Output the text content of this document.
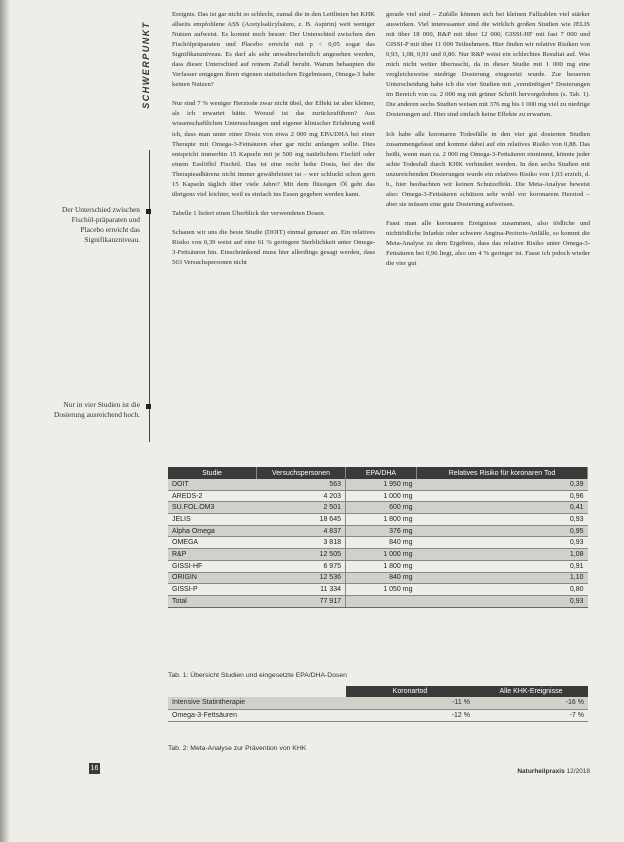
SCHWERPUNKT
Der Unterschied zwischen Fischöl-präparaten und Placebo erreicht das Signifikanzniveau.
Nur in vier Studien ist die Dosierung ausreichend hoch.

Ereignis. Das ist gar nicht so schlecht, zumal die in den Leitlinien bei KHK allseits empfohlene ASS (Acetylsalicylsäure, z. B. Aspirin) weit weniger Nutzen aufweist. Es kommt noch besser: Der Unterschied zwischen den Fischölpräparaten und Placebo erreicht mit p < 0,05 sogar das Signifikanzniveau. Es darf als sehr unwahrscheinlich angesehen werden, dass dieser Unterschied auf reinem Zufall beruht. Warum behaupten die Verfasser entgegen ihren eigenen statistischen Ergebnissen, Omega-3 habe keinen Nutzen?

Nur sind 7 % weniger Herztode zwar nicht übel, der Effekt ist aber kleiner, als ich erwartet hätte. Worauf ist das zurückzuführen? Aus wissenschaftlichen Untersuchungen und eigener klinischer Erfahrung weiß ich, dass man unter einer Dosis von etwa 2 000 mg EPA/DHA bei einer Therapie mit Omega-3-Fettsäuren eher gar nicht anfangen sollte. Dies entspricht immerhin 15 Kapseln mit je 500 mg natürlichem Fischöl oder einem Esslöffel Fischöl. Das ist eine recht hohe Dosis, bei der die Therapieadhärenz nicht immer gewährleistet ist – wer schluckt schon gern 15 Kapseln täglich über viele Jahre? Mit dem flüssigen Öl geht das übrigens viel leichter, weil es einfach ins Essen gegeben werden kann.

Tabelle 1 liefert einen Überblick der verwendeten Dosen.

Schauen wir uns die beste Studie (DOIT) einmal genauer an. Ein relatives Risiko von 0,39 weist auf eine 61 % geringere Sterblichkeit unter Omega-3-Fettsäuren hin. Einschränkend muss hier allerdings gesagt werden, dass 563 Versuchspersonen nicht

gerade viel sind – Zufälle können sich bei kleinen Fallzahlen viel stärker auswirken. Viel interessanter sind die wirklich großen Studien wie JELIS mit über 18 000, R&P mit über 12 000, GISSI-HF mit fast 7 000 und GISSI-P mit über 11 000 Teilnehmern. Hier finden wir relative Risiken von 0,93, 1,08, 0,91 und 0,80. Nur R&P weist ein schlechtes Resultat auf. Was mich nicht weiter überrascht, da in dieser Studie mit 1 000 mg eine vergleichsweise niedrige Dosierung eingesetzt wurde. Zur besseren Unterscheidung habe ich die vier Studien mit „vernünftigen“ Dosierungen im Bereich von ca. 2 000 mg mit grüner Schrift hervorgehoben (s. Tab. 1). Die anderen sechs Studien weisen mit 376 mg bis 1 000 mg viel zu niedrige Dosierungen auf. Hier sind einfach keine Effekte zu erwarten.

Ich habe alle koronaren Todesfälle in den vier gut dosierten Studien zusammengefasst und komme dabei auf ein relatives Risiko von 0,88. Das heißt, wenn man ca. 2 000 mg Omega-3-Fettsäuren einnimmt, könnte jeder achte Todesfall durch KHK verhindert werden. In den sechs Studien mit unzureichenden Dosierungen wurde ein relatives Risiko von 1,03 erzielt, d. h., hier beobachten wir keinen Schutzeffekt. Die Meta-Analyse beweist also: Omega-3-Fettsäuren schützen sehr wohl vor koronarem Herztod – aber sie müssen eine gute Dosierung aufweisen.

Fasst man alle koronaren Ereignisse zusammen, also tödliche und nichttödliche Infarkte oder schwere Angina-Pectoris-Anfälle, so kommt die Meta-Analyse zu dem Ergebnis, dass das relative Risiko unter Omega-3-Fettsäuren bei 0,96 liegt, also um 4 % geringer ist. Fasse ich jedoch wieder die vier gut

Studie	Versuchspersonen	EPA/DHA	Relatives Risiko für koronaren Tod
DOIT	563	1 950 mg	0,39
AREDS-2	4 203	1 000 mg	0,96
SU.FOL.OM3	2 501	600 mg	0,41
JELIS	18 645	1 800 mg	0,93
Alpha Omega	4 837	376 mg	0,95
OMEGA	3 818	840 mg	0,93
R&P	12 505	1 000 mg	1,08
GISSI-HF	6 975	1 800 mg	0,91
ORIGIN	12 536	840 mg	1,10
GISSI-P	11 334	1 050 mg	0,80
Total	77 917		0,93
Tab. 1: Übersicht Studien und eingesetzte EPA/DHA-Dosen
	Koronartod	Alle KHK-Ereignisse
Intensive Statintherapie	-11 %	-16 %
Omega-3-Fettsäuren	-12 %	-7 %
Tab. 2: Meta-Analyse zur Prävention von KHK
16	Naturheilpraxis 12/2018
